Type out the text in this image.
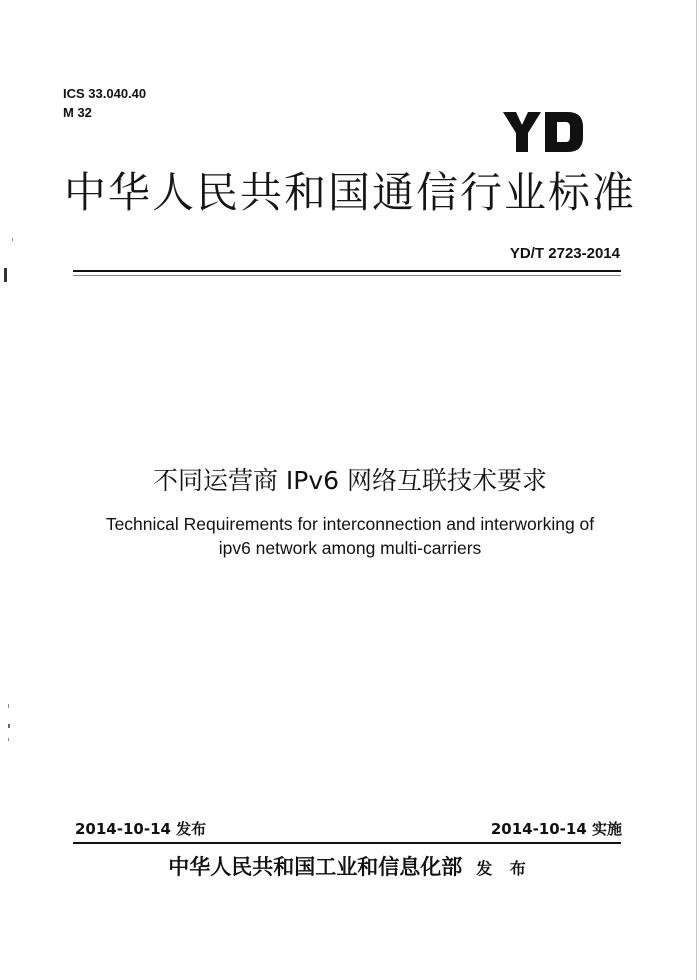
ICS 33.040.40
M 32
中华人民共和国通信行业标准
YD/T 2723-2014
不同运营商 IPv6 网络互联技术要求
Technical Requirements for interconnection and interworking of
ipv6 network among multi-carriers
2014-10-14 发布	2014-10-14 实施
中华人民共和国工业和信息化部 发 布
